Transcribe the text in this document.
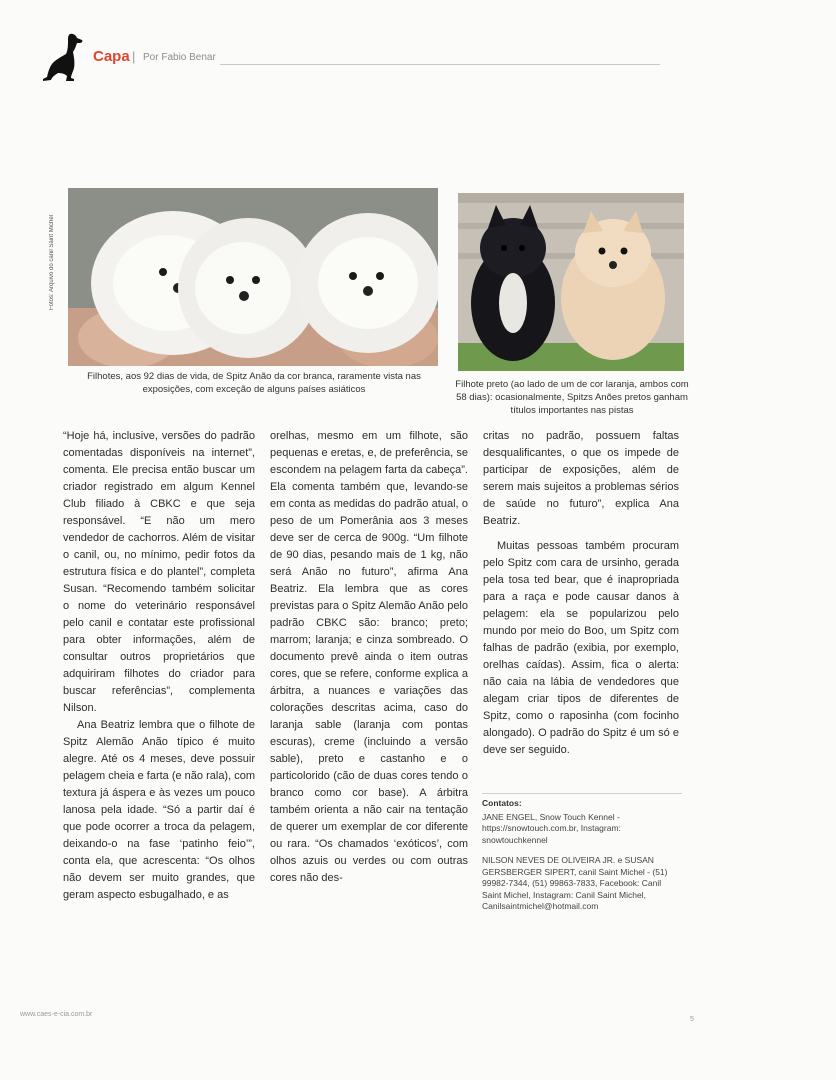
Capa | Por Fabio Benar
Fotos: Arquivo do canil Saint Michel
Filhotes, aos 92 dias de vida, de Spitz Anão da cor branca, raramente vista nas exposições, com exceção de alguns países asiáticos	Filhote preto (ao lado de um de cor laranja, ambos com 58 dias): ocasionalmente, Spitzs Anões pretos ganham títulos importantes nas pistas

“Hoje há, inclusive, versões do padrão comentadas disponíveis na internet”, comenta. Ele precisa então buscar um criador registrado em algum Kennel Club filiado à CBKC e que seja responsável. “E não um mero vendedor de cachorros. Além de visitar o canil, ou, no mínimo, pedir fotos da estrutura física e do plantel”, completa Susan. “Recomendo também solicitar o nome do veterinário responsável pelo canil e contatar este profissional para obter informações, além de consultar outros proprietários que adquiriram filhotes do criador para buscar referências”, complementa Nilson.

Ana Beatriz lembra que o filhote de Spitz Alemão Anão típico é muito alegre. Até os 4 meses, deve possuir pelagem cheia e farta (e não rala), com textura já áspera e às vezes um pouco lanosa pela idade. “Só a partir daí é que pode ocorrer a troca da pelagem, deixando-o na fase ‘patinho feio’”, conta ela, que acrescenta: “Os olhos não devem ser muito grandes, que geram aspecto esbugalhado, e as

orelhas, mesmo em um filhote, são pequenas e eretas, e, de preferência, se escondem na pelagem farta da cabeça”. Ela comenta também que, levando-se em conta as medidas do padrão atual, o peso de um Pomerânia aos 3 meses deve ser de cerca de 900g. “Um filhote de 90 dias, pesando mais de 1 kg, não será Anão no futuro”, afirma Ana Beatriz. Ela lembra que as cores previstas para o Spitz Alemão Anão pelo padrão CBKC são: branco; preto; marrom; laranja; e cinza sombreado. O documento prevê ainda o item outras cores, que se refere, conforme explica a árbitra, a nuances e variações das colorações descritas acima, caso do laranja sable (laranja com pontas escuras), creme (incluindo a versão sable), preto e castanho e o particolorido (cão de duas cores tendo o branco como cor base). A árbitra também orienta a não cair na tentação de querer um exemplar de cor diferente ou rara. “Os chamados ‘exóticos’, com olhos azuis ou verdes ou com outras cores não des-

critas no padrão, possuem faltas desqualificantes, o que os impede de participar de exposições, além de serem mais sujeitos a problemas sérios de saúde no futuro”, explica Ana Beatriz.

Muitas pessoas também procuram pelo Spitz com cara de ursinho, gerada pela tosa ted bear, que é inapropriada para a raça e pode causar danos à pelagem: ela se popularizou pelo mundo por meio do Boo, um Spitz com falhas de padrão (exibia, por exemplo, orelhas caídas). Assim, fica o alerta: não caia na lábia de vendedores que alegam criar tipos de diferentes de Spitz, como o raposinha (com focinho alongado). O padrão do Spitz é um só e deve ser seguido.

Contatos:
JANE ENGEL, Snow Touch Kennel - https://snowtouch.com.br, Instagram: snowtouchkennel
NILSON NEVES DE OLIVEIRA JR. e SUSAN GERSBERGER SIPERT, canil Saint Michel - (51) 99982-7344, (51) 99863-7833, Facebook: Canil Saint Michel, Instagram: Canil Saint Michel, Canilsaintmichel@hotmail.com
www.caes-e-cia.com.br
5
